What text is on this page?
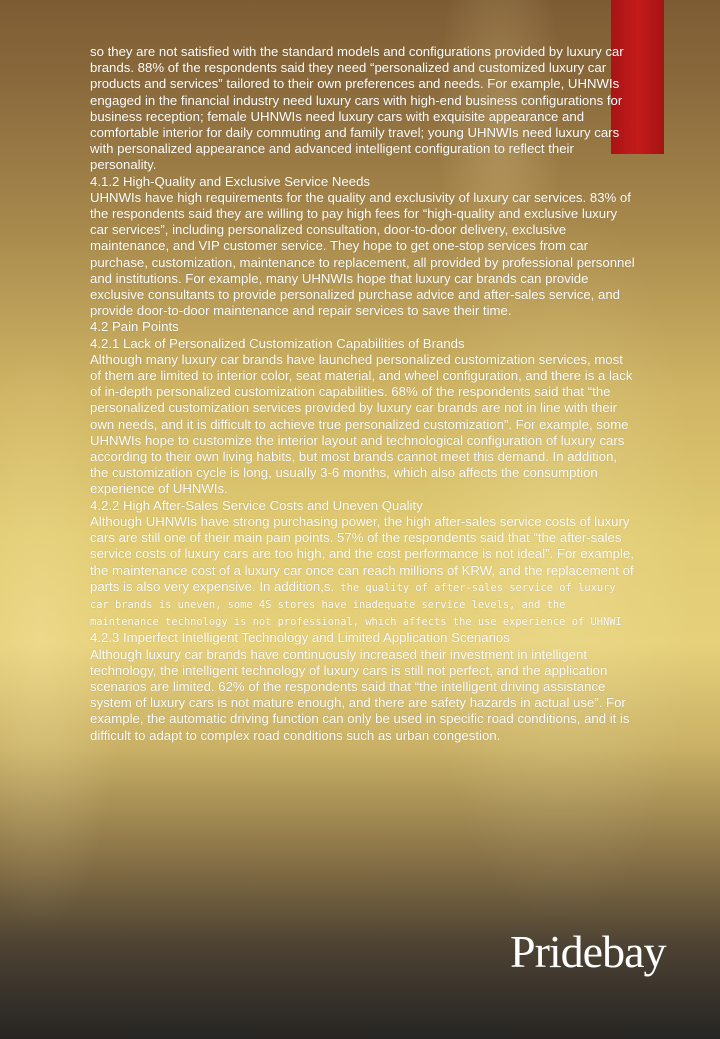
so they are not satisfied with the standard models and configurations provided by luxury car brands. 88% of the respondents said they need “personalized and customized luxury car products and services” tailored to their own preferences and needs. For example, UHNWIs engaged in the financial industry need luxury cars with high-end business configurations for business reception; female UHNWIs need luxury cars with exquisite appearance and comfortable interior for daily commuting and family travel; young UHNWIs need luxury cars with personalized appearance and advanced intelligent configuration to reflect their personality.

4.1.2 High-Quality and Exclusive Service Needs

UHNWIs have high requirements for the quality and exclusivity of luxury car services. 83% of the respondents said they are willing to pay high fees for “high-quality and exclusive luxury car services”, including personalized consultation, door-to-door delivery, exclusive maintenance, and VIP customer service. They hope to get one-stop services from car purchase, customization, maintenance to replacement, all provided by professional personnel and institutions. For example, many UHNWIs hope that luxury car brands can provide exclusive consultants to provide personalized purchase advice and after-sales service, and provide door-to-door maintenance and repair services to save their time.

4.2 Pain Points

4.2.1 Lack of Personalized Customization Capabilities of Brands

Although many luxury car brands have launched personalized customization services, most of them are limited to interior color, seat material, and wheel configuration, and there is a lack of in-depth personalized customization capabilities. 68% of the respondents said that “the personalized customization services provided by luxury car brands are not in line with their own needs, and it is difficult to achieve true personalized customization”. For example, some UHNWIs hope to customize the interior layout and technological configuration of luxury cars according to their own living habits, but most brands cannot meet this demand. In addition, the customization cycle is long, usually 3-6 months, which also affects the consumption experience of UHNWIs.

4.2.2 High After-Sales Service Costs and Uneven Quality

Although UHNWIs have strong purchasing power, the high after-sales service costs of luxury cars are still one of their main pain points. 57% of the respondents said that “the after-sales service costs of luxury cars are too high, and the cost performance is not ideal”. For example, the maintenance cost of a luxury car once can reach millions of KRW, and the replacement of parts is also very expensive. In addition,s. the quality of after-sales service of luxury car brands is uneven, some 4S stores have inadequate service levels, and the maintenance technology is not professional, which affects the use experience of UHNWI

4.2.3 Imperfect Intelligent Technology and Limited Application Scenarios

Although luxury car brands have continuously increased their investment in intelligent technology, the intelligent technology of luxury cars is still not perfect, and the application scenarios are limited. 62% of the respondents said that “the intelligent driving assistance system of luxury cars is not mature enough, and there are safety hazards in actual use”. For example, the automatic driving function can only be used in specific road conditions, and it is difficult to adapt to complex road conditions such as urban congestion.

Pridebay
